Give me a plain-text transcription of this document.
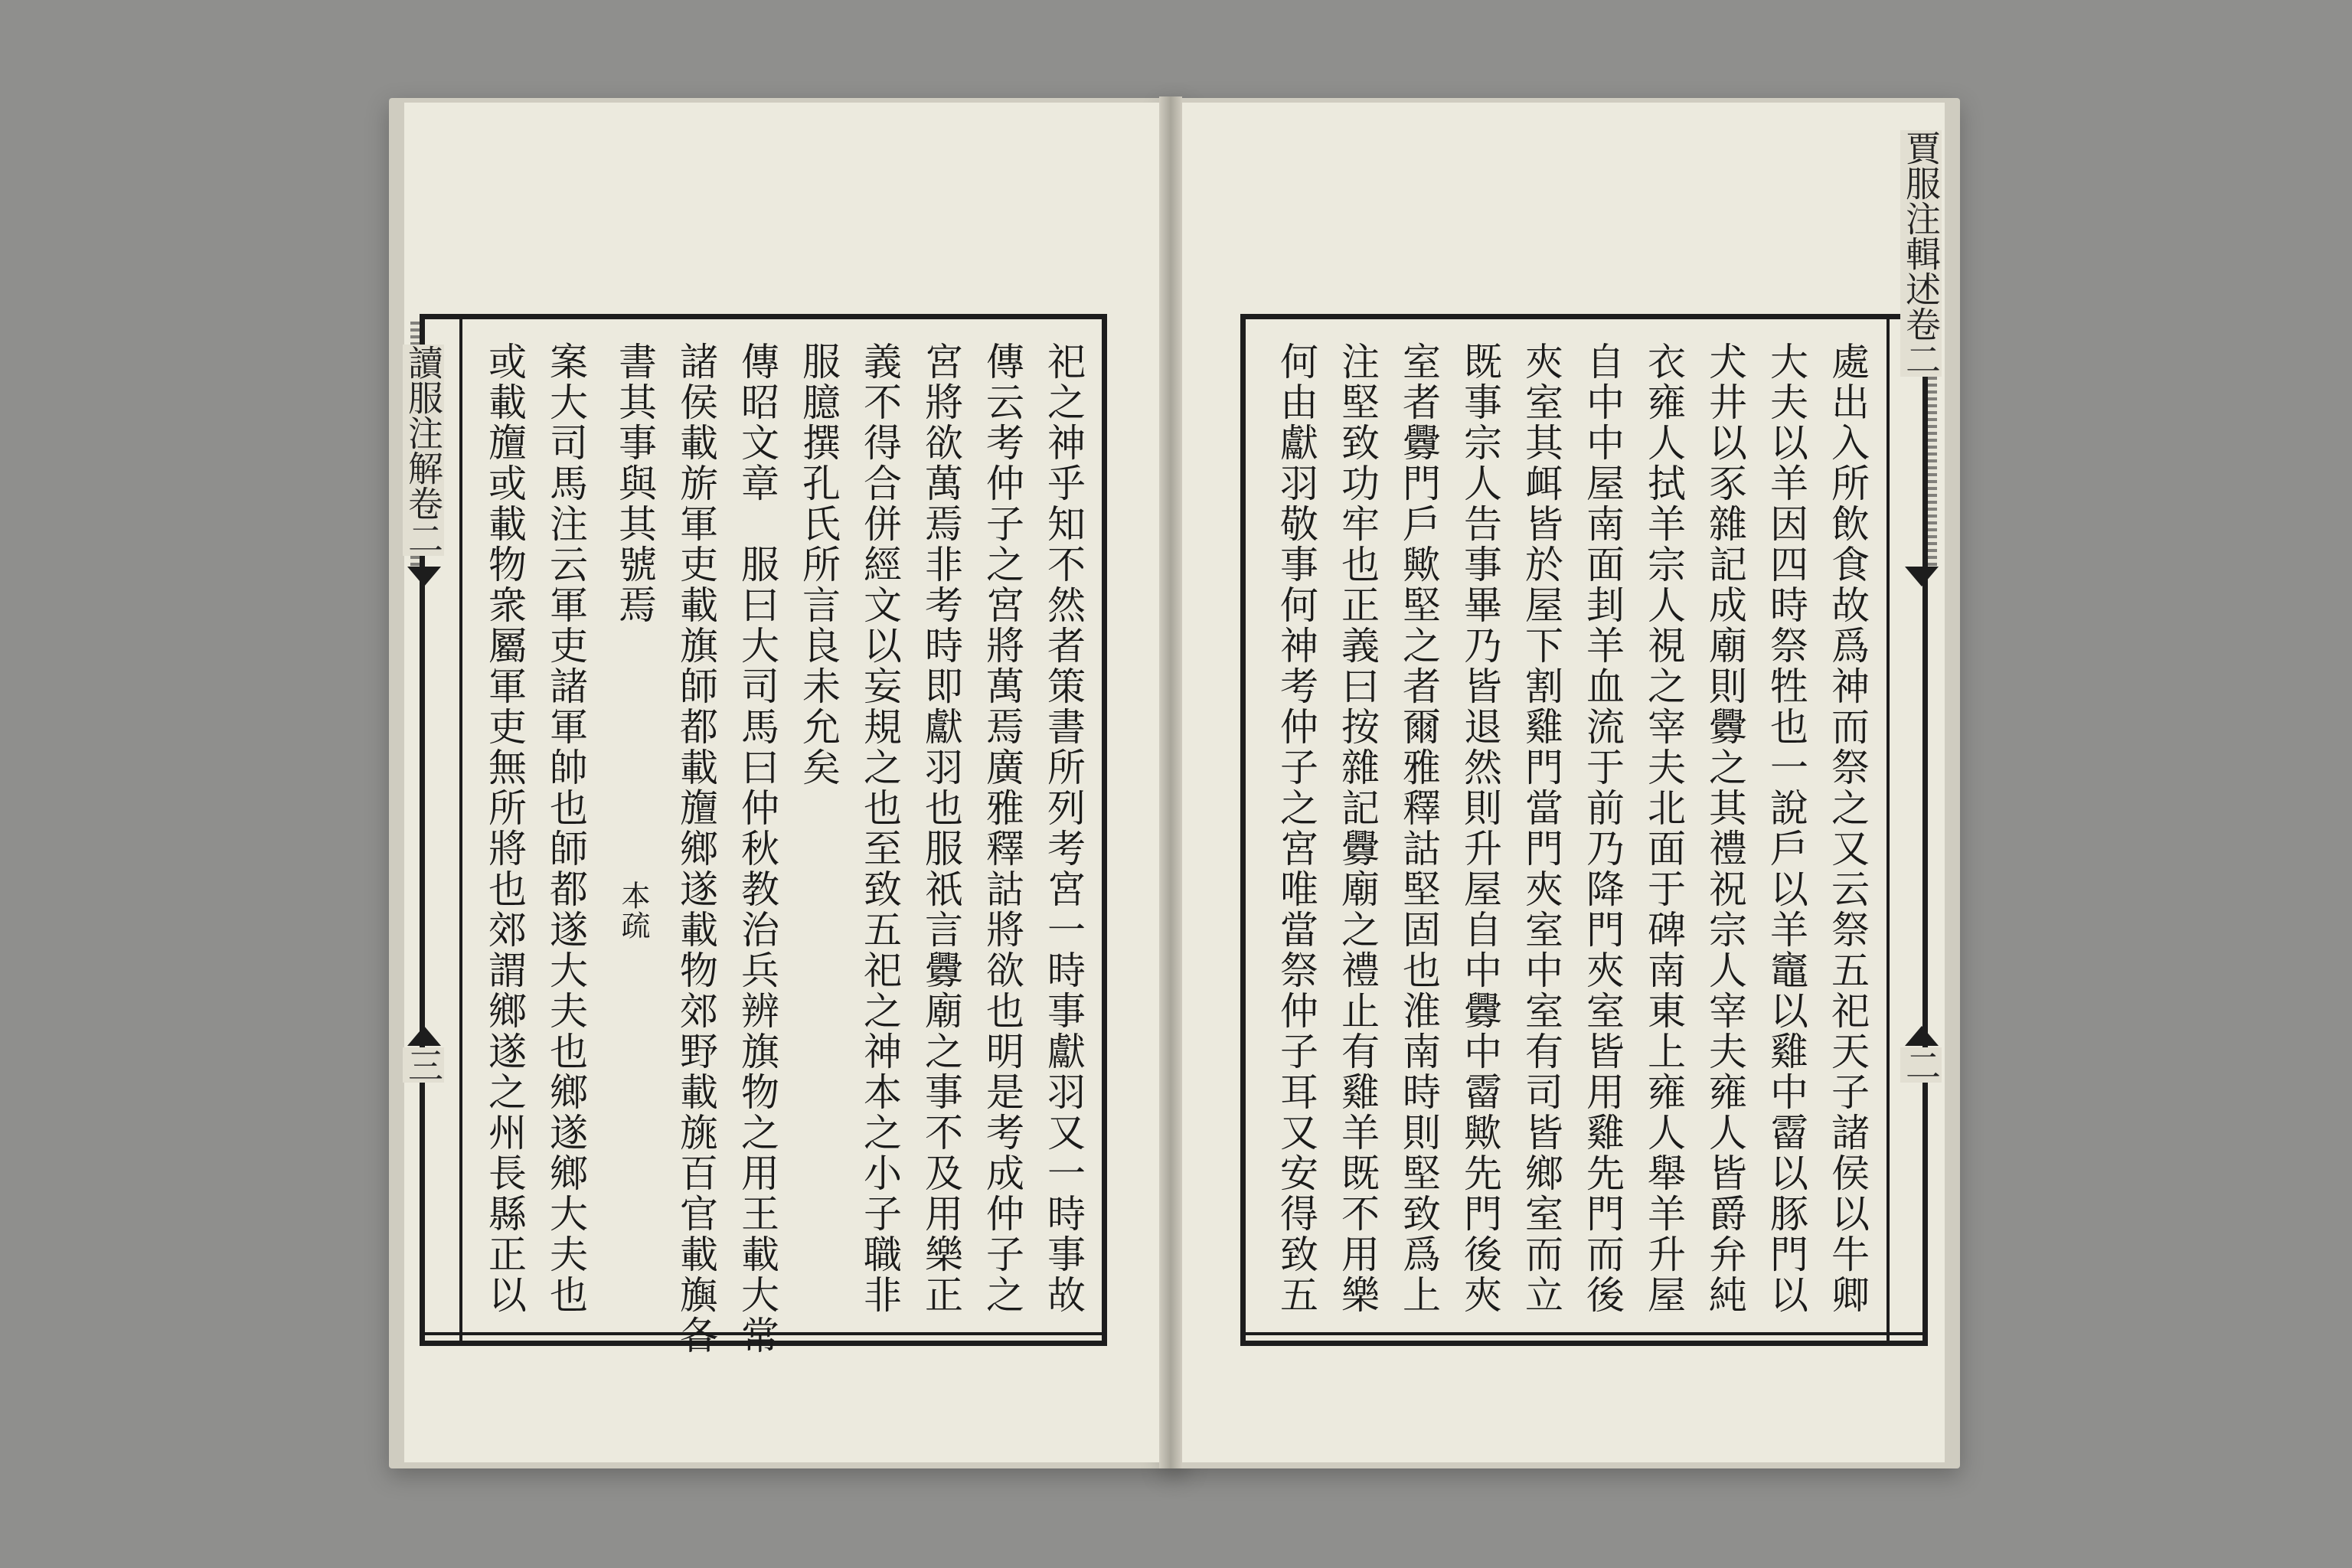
讀服注解卷二
三	祀之神乎知不然者策書所列考宮一時事獻羽又一時事故
傳云考仲子之宮將萬焉廣雅釋詁將欲也明是考成仲子之
宮將欲萬焉非考時即獻羽也服祇言釁廟之事不及用樂正
義不得合併經文以妄規之也至致五祀之神本之小子職非
服臆撰孔氏所言良未允矣
傳昭文章　服曰大司馬曰仲秋教治兵辨旗物之用王載大常
諸侯載旂軍吏載旗師都載旜鄉遂載物郊野載旐百官載旟各
書其事與其號焉
本疏
案大司馬注云軍吏諸軍帥也師都遂大夫也鄉遂鄉大夫也
或載旜或載物衆屬軍吏無所將也郊謂鄉遂之州長縣正以
賈服注輯述卷二
二
處出入所飲食故爲神而祭之又云祭五祀天子諸侯以牛卿
大夫以羊因四時祭牲也一說戶以羊竈以雞中霤以豚門以
犬井以豕雜記成廟則釁之其禮祝宗人宰夫雍人皆爵弁純
衣雍人拭羊宗人視之宰夫北面于碑南東上雍人舉羊升屋
自中中屋南面刲羊血流于前乃降門夾室皆用雞先門而後
夾室其衈皆於屋下割雞門當門夾室中室有司皆鄉室而立
既事宗人告事畢乃皆退然則升屋自中釁中霤歟先門後夾
室者釁門戶歟堅之者爾雅釋詁堅固也淮南時則堅致爲上
注堅致功牢也正義曰按雜記釁廟之禮止有雞羊既不用樂
何由獻羽敬事何神考仲子之宮唯當祭仲子耳又安得致五
